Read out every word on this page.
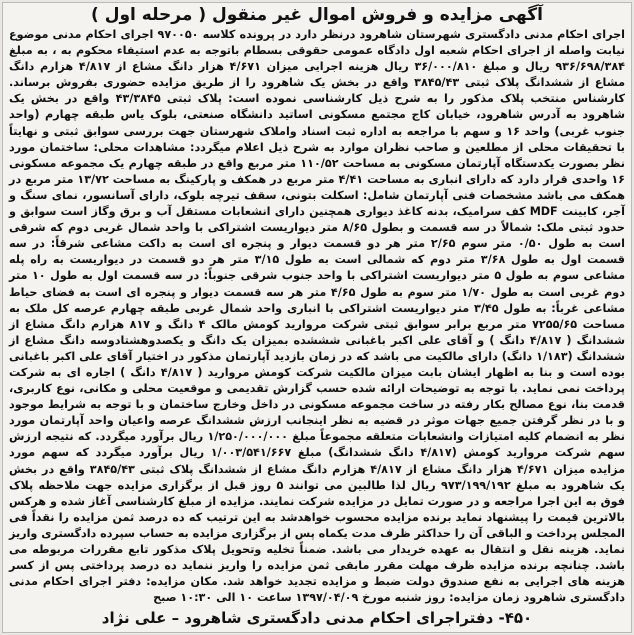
آگهی مزایده و فروش اموال غیر منقول ( مرحله اول )
اجرای احکام مدنی دادگستری شهرستان شاهرود درنظر دارد در پرونده کلاسه ۹۷۰۰۵۰ اجرای احکام مدنی موضوع نیابت واصله از اجرای احکام شعبه اول دادگاه عمومی حقوقی بسطام باتوجه به عدم استیفاء محکوم به ، به مبلغ ۹۳۶/۶۹۸/۳۸۴ ریال و مبلغ ۳۶/۰۰۰/۸۱۰ ریال هزینه اجرایی میزان ۴/۶۷۱ هزار دانگ مشاع از ۴/۸۱۷ هزارم دانگ مشاع از ششدانگ پلاک ثبتی ۳۸۴۵/۴۳ واقع در بخش یک شاهرود را از طریق مزایده حضوری بفروش برساند. کارشناس منتخب پلاک مذکور را به شرح ذیل کارشناسی نموده است: پلاک ثبتی ۴۳/۳۸۴۵ واقع در بخش یک شاهرود به آدرس شاهرود، خیابان کاج مجتمع مسکونی اساتید دانشگاه صنعتی، بلوک یاس طبقه چهارم (واحد جنوب غربی) واحد ۱۶ و سهم با مراجعه به اداره ثبت اسناد واملاک شهرستان جهت بررسی سوابق ثبتی و نهایتاً با تحقیقات محلی از مطلعین و صاحب نظران موارد به شرح ذیل اعلام میگردد: مشاهدات محلی: ساختمان مورد نظر بصورت یکدستگاه آپارتمان مسکونی به مساحت ۱۱۰/۵۲ متر مربع واقع در طبقه چهارم یک مجموعه مسکونی ۱۶ واحدی قرار دارد که دارای انباری به مساحت ۴/۴۱ متر مربع در همکف و پارکینگ به مساحت ۱۳/۷۲ متر مربع در همکف می باشد مشخصات فنی آپارتمان شامل: اسکلت بتونی، سقف تیرچه بلوک، دارای آسانسور، نمای سنگ و آجر، کابینت MDF کف سرامیک، بدنه کاغذ دیواری همچنین دارای انشعابات مستقل آب و برق وگاز است سوابق و حدود ثبتی ملک: شمالاً در سه قسمت و بطول ۸/۶۵ متر دیواریست اشتراکی با واحد شمال غربی دوم که شرقی است به طول ۰/۵۰ متر سوم ۲/۶۵ متر هر دو قسمت دیوار و پنجره ای است به داکت مشاعی شرقاً: در سه قسمت اول به طول ۳/۶۸ متر دوم که شمالی است به طول ۳/۱۵ متر هر دو قسمت در دیواریست به راه پله مشاعی سوم به طول ۵ متر دیواریست اشتراکی با واحد جنوب شرقی جنوباً: در سه قسمت اول به طول ۱۰ متر دوم غربی است به طول ۱/۷۰ متر سوم به طول ۴/۶۵ متر هر سه قسمت دیوار و پنجره ای است به فضای حیاط مشاعی غرباً: به طول ۳/۴۵ متر دیواریست اشتراکی با انباری واحد شمال غربی طبقه چهارم عرصه کل ملک به مساحت ۷۲۵۵/۶۵ متر مربع برابر سوابق ثبتی شرکت مروارید کومش مالک ۴ دانگ و ۸۱۷ هزارم دانگ مشاع از ششدانگ ( ۴/۸۱۷ دانگ ) و آقای علی اکبر باغبانی شششده بمیزان یک دانگ و یکصدوهشتادوسه دانگ مشاع از ششدانگ (۱/۱۸۳ دانگ) دارای مالکیت می باشد که در زمان بازدید آپارتمان مذکور در اختیار آقای علی اکبر باغبانی بوده است و بنا به اظهار ایشان بابت میزان مالکیت شرکت کومش مروارید ( ۴/۸۱۷ دانگ ) اجاره ای به شرکت پرداخت نمی نماید. با توجه به توضیحات ارائه شده حسب گزارش تقدیمی و موقعیت محلی و مکانی، نوع کاربری، قدمت بنا، نوع مصالح بکار رفته در ساخت مجموعه مسکونی در داخل وخارج ساختمان و با توجه به شرایط موجود و با در نظر گرفتن جمیع جهات موثر در قضیه به نظر اینجانب ارزش ششدانگ عرصه واعیان واحد آپارتمان مورد نظر به انضمام کلیه امتیازات وانشعابات متعلقه مجموعاً مبلغ ۱/۲۵۰/۰۰۰/۰۰۰ ریال برآورد میگردد. که نتیجه ارزش سهم شرکت مروارید کومش (۴/۸۱۷ دانگ ششدانگ) مبلغ ۱/۰۰۳/۵۴۱/۶۶۷ ریال برآورد میگردد که سهم مورد مزایده میزان ۴/۶۷۱ هزار دانگ مشاع از ۴/۸۱۷ هزارم دانگ مشاع از ششدانگ پلاک ثبتی ۳۸۴۵/۴۳ واقع در بخش یک شاهرود به مبلغ ۹۷۳/۱۹۹/۱۹۲ ریال لذا طالبین می توانند ۵ روز قبل از برگزاری مزایده جهت ملاحظه پلاک فوق به این اجرا مراجعه و در صورت تمایل در مزایده شرکت نمایند. مزایده از مبلغ کارشناسی آغاز شده و هرکس بالاترین قیمت را پیشنهاد نماید برنده مزایده محسوب خواهدشد به این ترتیب که ده درصد ثمن مزایده را نقداً فی المجلس پرداخت و الباقی آن را حداکثر ظرف مدت یکماه پس از برگزاری مزایده به حساب سپرده دادگستری واریز نماید. هزینه نقل و انتقال به عهده خریدار می باشد. ضمناً تخلیه وتحویل پلاک مذکور تابع مقررات مربوطه می باشد. چنانچه برنده مزایده ظرف مهلت مقرر مابقی ثمن مزایده را واریز ننماید ده درصد پرداختی پس از کسر هزینه های اجرایی به نفع صندوق دولت ضبط و مزایده تجدید خواهد شد. مکان مزایده: دفتر اجرای احکام مدنی دادگستری شاهرود زمان مزایده: روز شنبه مورخ ۱۳۹۷/۰۴/۰۹ ساعت ۱۰ الی ۱۰:۳۰ صبح
۴۵۰- دفتراجرای احکام مدنی دادگستری شاهرود – علی نژاد
